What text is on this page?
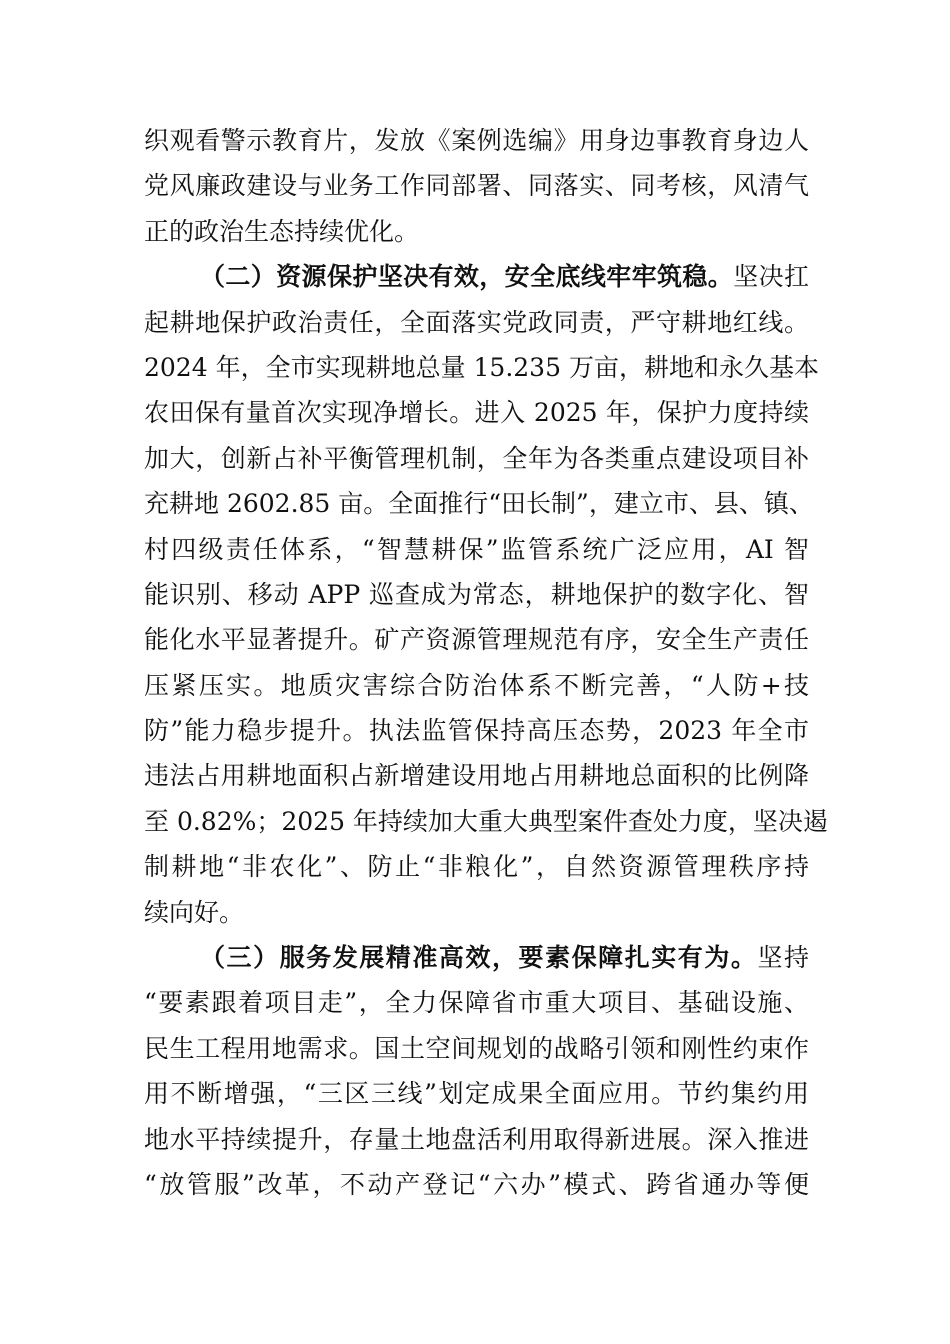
织观看警示教育片，发放《案例选编》用身边事教育身边人
党风廉政建设与业务工作同部署、同落实、同考核，风清气
正的政治生态持续优化。
（二）资源保护坚决有效，安全底线牢牢筑稳。坚决扛
起耕地保护政治责任，全面落实党政同责，严守耕地红线。
2024 年，全市实现耕地总量 15.235 万亩，耕地和永久基本
农田保有量首次实现净增长。进入 2025 年，保护力度持续
加大，创新占补平衡管理机制，全年为各类重点建设项目补
充耕地 2602.85 亩。全面推行“田长制”，建立市、县、镇、
村四级责任体系，“智慧耕保”监管系统广泛应用，AI 智
能识别、移动 APP 巡查成为常态，耕地保护的数字化、智
能化水平显著提升。矿产资源管理规范有序，安全生产责任
压紧压实。地质灾害综合防治体系不断完善，“人防+技
防”能力稳步提升。执法监管保持高压态势，2023 年全市
违法占用耕地面积占新增建设用地占用耕地总面积的比例降
至 0.82%；2025 年持续加大重大典型案件查处力度，坚决遏
制耕地“非农化”、防止“非粮化”，自然资源管理秩序持
续向好。
（三）服务发展精准高效，要素保障扎实有为。坚持
“要素跟着项目走”，全力保障省市重大项目、基础设施、
民生工程用地需求。国土空间规划的战略引领和刚性约束作
用不断增强，“三区三线”划定成果全面应用。节约集约用
地水平持续提升，存量土地盘活利用取得新进展。深入推进
“放管服”改革，不动产登记“六办”模式、跨省通办等便
